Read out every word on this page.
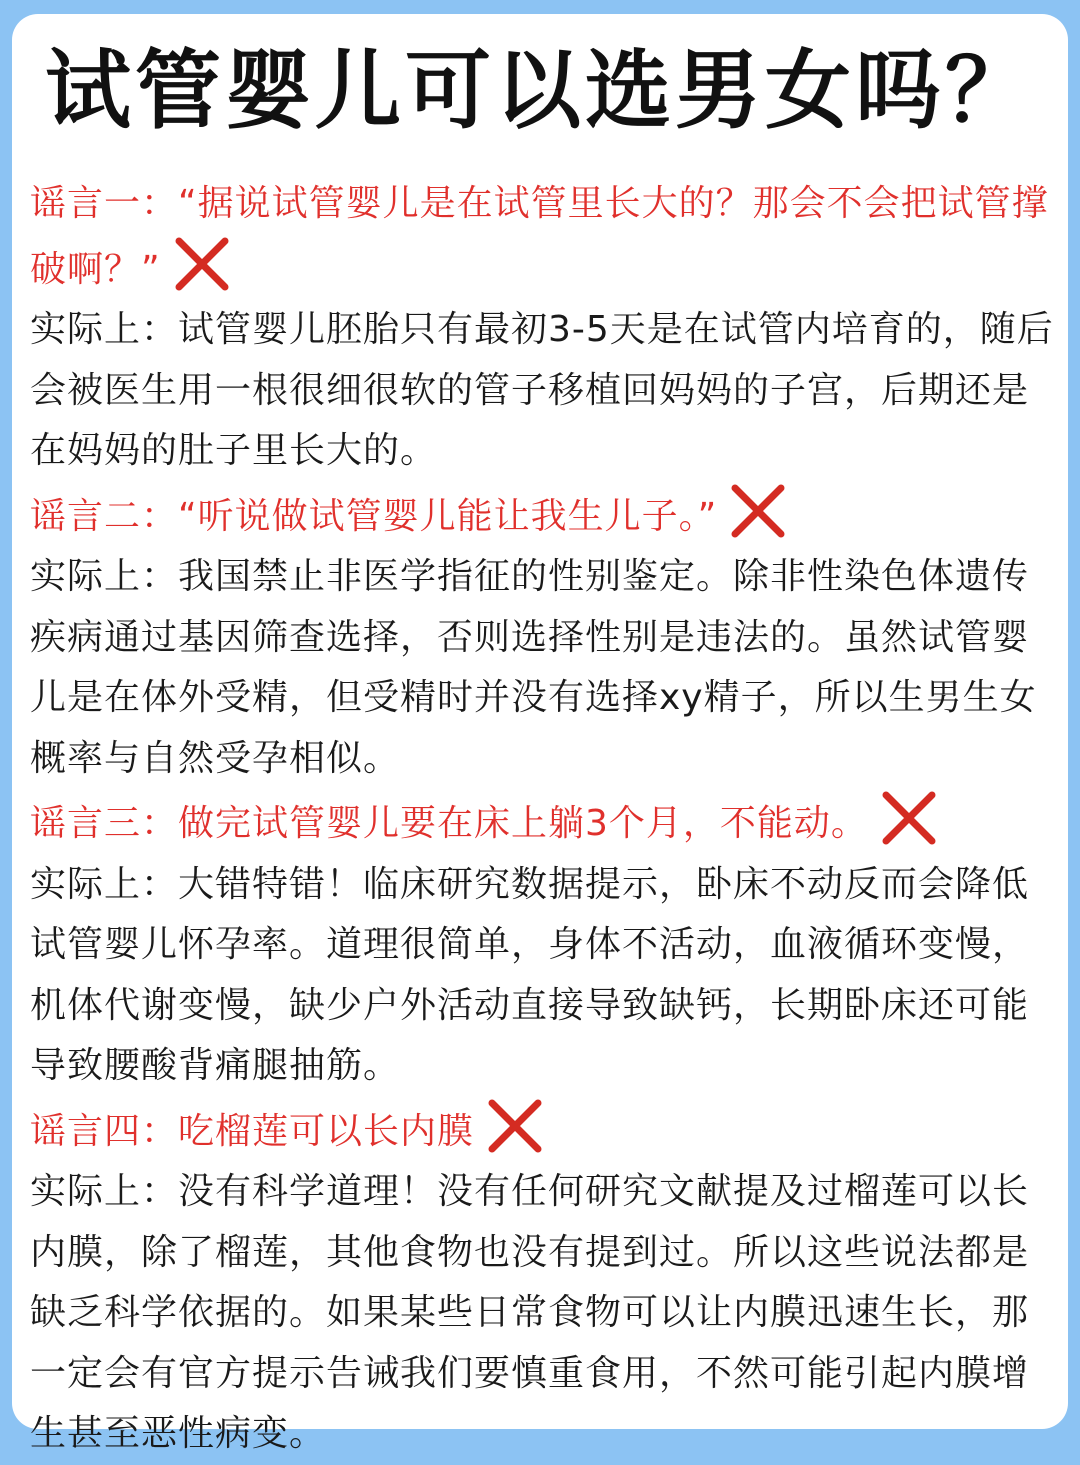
试管婴儿可以选男女吗？

谣言一：“据说试管婴儿是在试管里长大的？那会不会把试管撑破啊？”

实际上：试管婴儿胚胎只有最初3-5天是在试管内培育的，随后会被医生用一根很细很软的管子移植回妈妈的子宫，后期还是在妈妈的肚子里长大的。

谣言二：“听说做试管婴儿能让我生儿子。”

实际上：我国禁止非医学指征的性别鉴定。除非性染色体遗传疾病通过基因筛查选择，否则选择性别是违法的。虽然试管婴儿是在体外受精，但受精时并没有选择xy精子，所以生男生女概率与自然受孕相似。

谣言三：做完试管婴儿要在床上躺3个月，不能动。

实际上：大错特错！临床研究数据提示，卧床不动反而会降低试管婴儿怀孕率。道理很简单，身体不活动，血液循环变慢，机体代谢变慢，缺少户外活动直接导致缺钙，长期卧床还可能导致腰酸背痛腿抽筋。

谣言四：吃榴莲可以长内膜

实际上：没有科学道理！没有任何研究文献提及过榴莲可以长内膜，除了榴莲，其他食物也没有提到过。所以这些说法都是缺乏科学依据的。如果某些日常食物可以让内膜迅速生长，那一定会有官方提示告诫我们要慎重食用，不然可能引起内膜增生甚至恶性病变。
